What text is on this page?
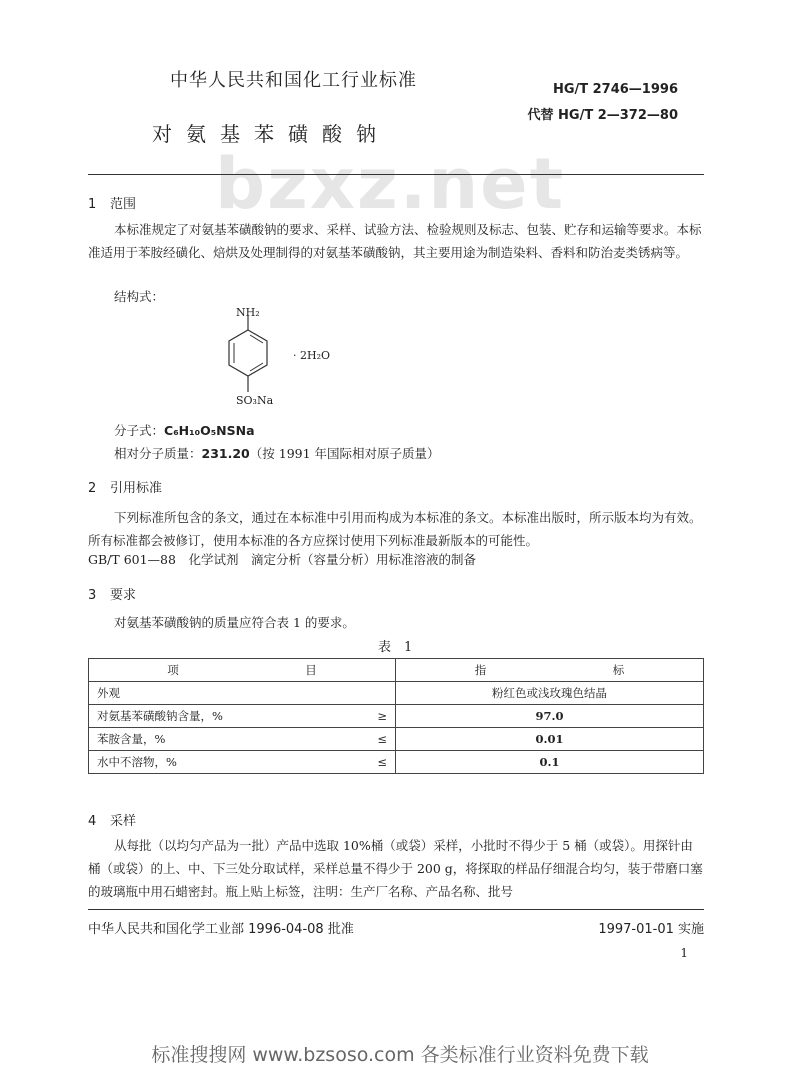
bzxz.net
中华人民共和国化工行业标准	HG/T 2746—1996
代替 HG/T 2—372—80
对氨基苯磺酸钠
1 范围
本标准规定了对氨基苯磺酸钠的要求、采样、试验方法、检验规则及标志、包装、贮存和运输等要求。本标准适用于苯胺经磺化、焙烘及处理制得的对氨基苯磺酸钠，其主要用途为制造染料、香料和防治麦类锈病等。
结构式：
NH₂
SO₃Na
· 2H₂O
分子式：C₆H₁₀O₅NSNa
相对分子质量：231.20（按 1991 年国际相对原子质量）
2 引用标准
下列标准所包含的条文，通过在本标准中引用而构成为本标准的条文。本标准出版时，所示版本均为有效。所有标准都会被修订，使用本标准的各方应探讨使用下列标准最新版本的可能性。
GB/T 601—88　化学试剂　滴定分析（容量分析）用标准溶液的制备
3 要求
对氨基苯磺酸钠的质量应符合表 1 的要求。
表　1
项　　　　　　　　　　　目		指　　　　　　　　　　　标
外观		粉红色或浅玫瑰色结晶
对氨基苯磺酸钠含量，%	≥	97.0
苯胺含量，%	≤	0.01
水中不溶物，%	≤	0.1
4 采样
从每批（以均匀产品为一批）产品中选取 10%桶（或袋）采样，小批时不得少于 5 桶（或袋）。用探针由桶（或袋）的上、中、下三处分取试样，采样总量不得少于 200 g，将探取的样品仔细混合均匀，装于带磨口塞的玻璃瓶中用石蜡密封。瓶上贴上标签，注明：生产厂名称、产品名称、批号
中华人民共和国化学工业部 1996-04-08 批准	1997-01-01 实施
1
标准搜搜网 www.bzsoso.com 各类标准行业资料免费下载
